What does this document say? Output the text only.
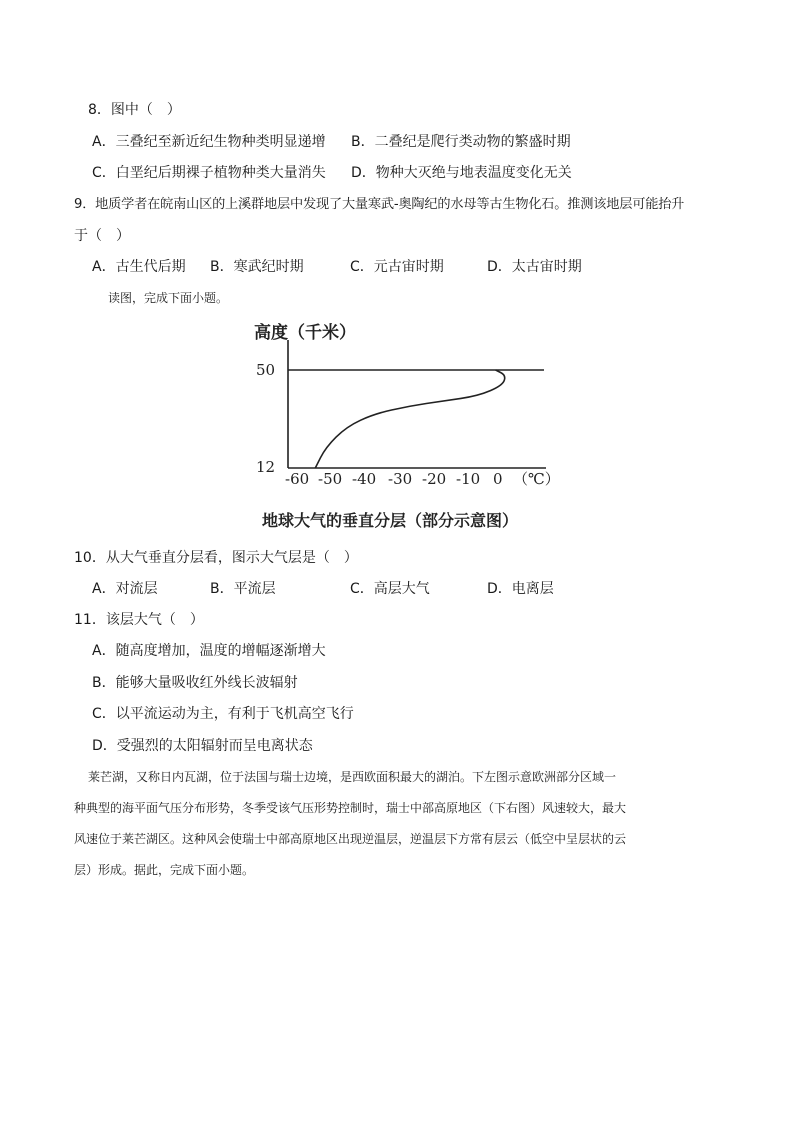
8．图中（　）
A．三叠纪至新近纪生物种类明显递增 B．二叠纪是爬行类动物的繁盛时期
C．白垩纪后期裸子植物种类大量消失 D．物种大灭绝与地表温度变化无关
9．地质学者在皖南山区的上溪群地层中发现了大量寒武-奥陶纪的水母等古生物化石。推测该地层可能抬升
于（　）
A．古生代后期 B．寒武纪时期	C．元古宙时期	D．太古宙时期
读图，完成下面小题。
高度（千米）
50
12
-60 -50 -40 -30 -20 -10 0 （℃）
地球大气的垂直分层（部分示意图）
10．从大气垂直分层看，图示大气层是（　）
A．对流层	B．平流层	C．高层大气	D．电离层
11．该层大气（　）
A．随高度增加，温度的增幅逐渐增大
B．能够大量吸收红外线长波辐射
C．以平流运动为主，有利于飞机高空飞行
D．受强烈的太阳辐射而呈电离状态
莱芒湖，又称日内瓦湖，位于法国与瑞士边境，是西欧面积最大的湖泊。下左图示意欧洲部分区域一
种典型的海平面气压分布形势，冬季受该气压形势控制时，瑞士中部高原地区（下右图）风速较大，最大
风速位于莱芒湖区。这种风会使瑞士中部高原地区出现逆温层，逆温层下方常有层云（低空中呈层状的云
层）形成。据此，完成下面小题。
